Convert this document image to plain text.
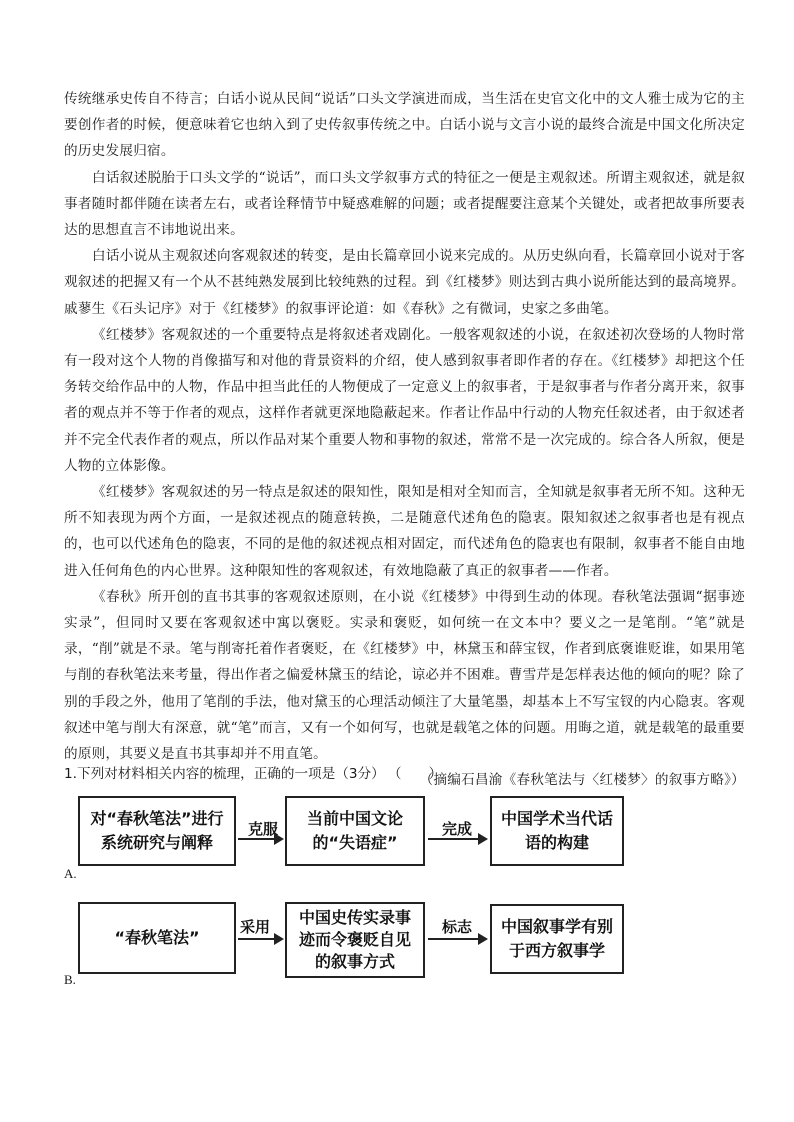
传统继承史传自不待言；白话小说从民间“说话”口头文学演进而成，当生活在史官文化中的文人雅士成为它的主要创作者的时候，便意味着它也纳入到了史传叙事传统之中。白话小说与文言小说的最终合流是中国文化所决定的历史发展归宿。

白话叙述脱胎于口头文学的“说话”，而口头文学叙事方式的特征之一便是主观叙述。所谓主观叙述，就是叙事者随时都伴随在读者左右，或者诠释情节中疑惑难解的问题；或者提醒要注意某个关键处，或者把故事所要表达的思想直言不讳地说出来。

白话小说从主观叙述向客观叙述的转变，是由长篇章回小说来完成的。从历史纵向看，长篇章回小说对于客观叙述的把握又有一个从不甚纯熟发展到比较纯熟的过程。到《红楼梦》则达到古典小说所能达到的最高境界。戚蓼生《石头记序》对于《红楼梦》的叙事评论道：如《春秋》之有微词，史家之多曲笔。

《红楼梦》客观叙述的一个重要特点是将叙述者戏剧化。一般客观叙述的小说，在叙述初次登场的人物时常有一段对这个人物的肖像描写和对他的背景资料的介绍，使人感到叙事者即作者的存在。《红楼梦》却把这个任务转交给作品中的人物，作品中担当此任的人物便成了一定意义上的叙事者，于是叙事者与作者分离开来，叙事者的观点并不等于作者的观点，这样作者就更深地隐蔽起来。作者让作品中行动的人物充任叙述者，由于叙述者并不完全代表作者的观点，所以作品对某个重要人物和事物的叙述，常常不是一次完成的。综合各人所叙，便是人物的立体影像。

《红楼梦》客观叙述的另一特点是叙述的限知性，限知是相对全知而言，全知就是叙事者无所不知。这种无所不知表现为两个方面，一是叙述视点的随意转换，二是随意代述角色的隐衷。限知叙述之叙事者也是有视点的，也可以代述角色的隐衷，不同的是他的叙述视点相对固定，而代述角色的隐衷也有限制，叙事者不能自由地进入任何角色的内心世界。这种限知性的客观叙述，有效地隐蔽了真正的叙事者——作者。

《春秋》所开创的直书其事的客观叙述原则，在小说《红楼梦》中得到生动的体现。春秋笔法强调“据事迹实录”，但同时又要在客观叙述中寓以褒贬。实录和褒贬，如何统一在文本中？要义之一是笔削。“笔”就是录，“削”就是不录。笔与削寄托着作者褒贬，在《红楼梦》中，林黛玉和薛宝钗，作者到底褒谁贬谁，如果用笔与削的春秋笔法来考量，得出作者之偏爱林黛玉的结论，谅必并不困难。曹雪芹是怎样表达他的倾向的呢？除了别的手段之外，他用了笔削的手法，他对黛玉的心理活动倾注了大量笔墨，却基本上不写宝钗的内心隐衷。客观叙述中笔与削大有深意，就“笔”而言，又有一个如何写，也就是载笔之体的问题。用晦之道，就是载笔的最重要的原则，其要义是直书其事却并不用直笔。

（摘编石昌渝《春秋笔法与〈红楼梦〉的叙事方略》）

1.下列对材料相关内容的梳理，正确的一项是（3分） （　　）
对“春秋笔法”进行系统研究与阐释
克服
当前中国文论的“失语症”
完成
中国学术当代话语的构建
A.
“春秋笔法”
采用	中国史传实录事迹而令褒贬自见的叙事方式
标志	中国叙事学有别于西方叙事学
B.
